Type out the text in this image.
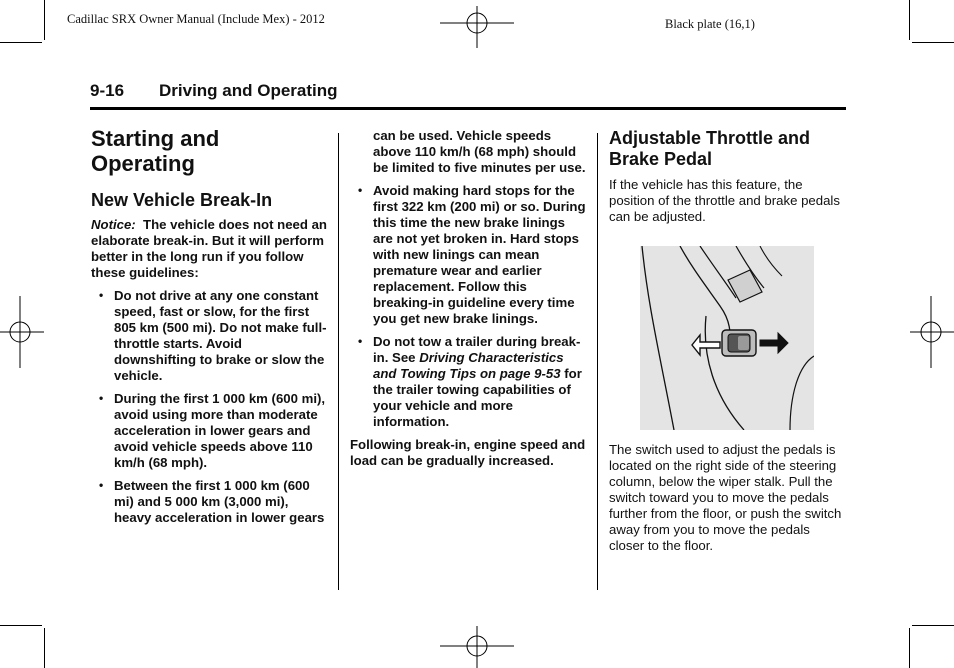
Cadillac SRX Owner Manual (Include Mex) - 2012	Black plate (16,1)
9-16 Driving and Operating
Starting and Operating
New Vehicle Break-In

Notice: The vehicle does not need an elaborate break-in. But it will perform better in the long run if you follow these guidelines:

• Do not drive at any one constant speed, fast or slow, for the first 805 km (500 mi). Do not make full-throttle starts. Avoid downshifting to brake or slow the vehicle.
• During the first 1 000 km (600 mi), avoid using more than moderate acceleration in lower gears and avoid vehicle speeds above 110 km/h (68 mph).
• Between the first 1 000 km (600 mi) and 5 000 km (3,000 mi), heavy acceleration in lower gears

can be used. Vehicle speeds above 110 km/h (68 mph) should be limited to five minutes per use.

• Avoid making hard stops for the first 322 km (200 mi) or so. During this time the new brake linings are not yet broken in. Hard stops with new linings can mean premature wear and earlier replacement. Follow this breaking-in guideline every time you get new brake linings.
• Do not tow a trailer during break-in. See Driving Characteristics and Towing Tips on page 9-53 for the trailer towing capabilities of your vehicle and more information.

Following break-in, engine speed and load can be gradually increased.

Adjustable Throttle and Brake Pedal

If the vehicle has this feature, the position of the throttle and brake pedals can be adjusted.

The switch used to adjust the pedals is located on the right side of the steering column, below the wiper stalk. Pull the switch toward you to move the pedals further from the floor, or push the switch away from you to move the pedals closer to the floor.
